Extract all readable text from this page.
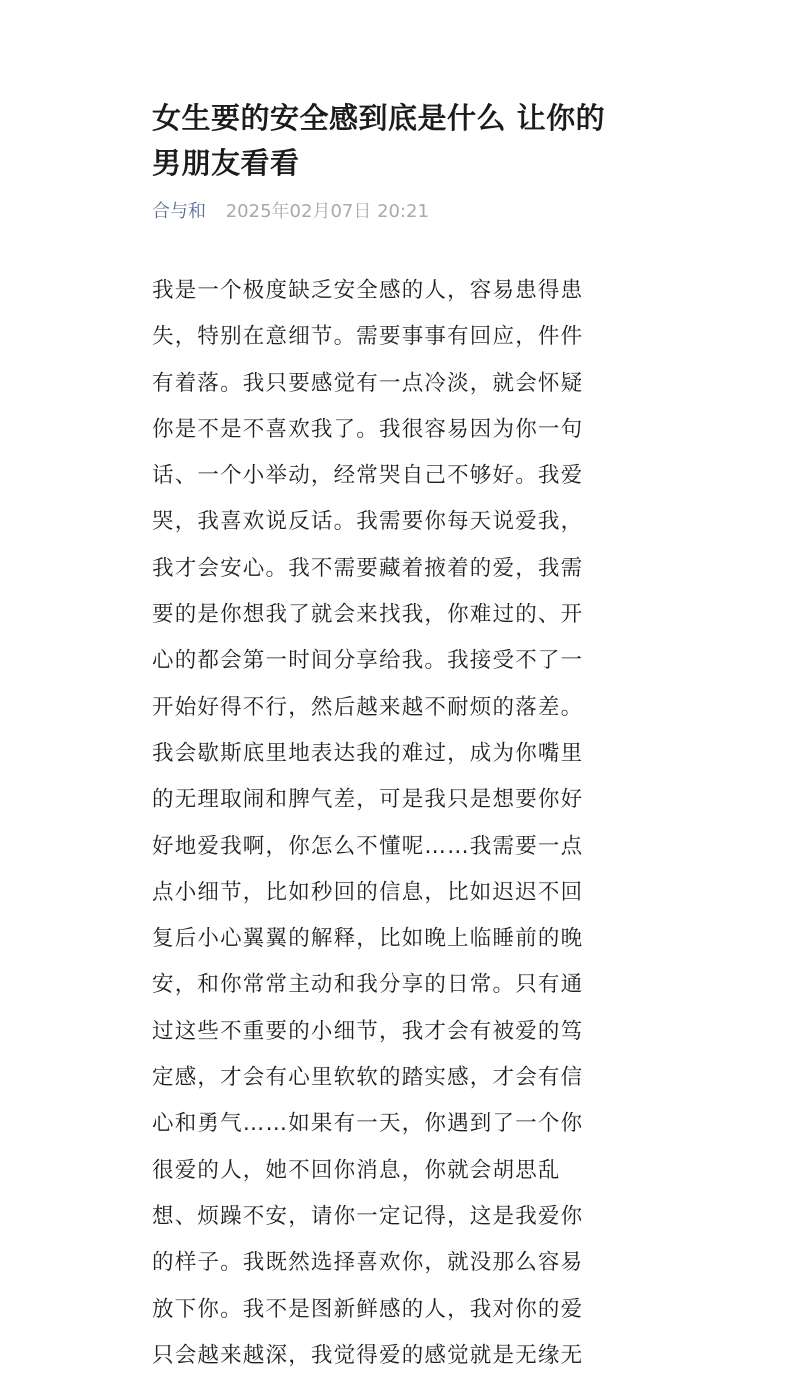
女生要的安全感到底是什么 让你的男朋友看看
合与和 2025年02月07日 20:21
我是一个极度缺乏安全感的人，容易患得患
失，特别在意细节。需要事事有回应，件件
有着落。我只要感觉有一点冷淡，就会怀疑
你是不是不喜欢我了。我很容易因为你一句
话、一个小举动，经常哭自己不够好。我爱
哭，我喜欢说反话。我需要你每天说爱我，
我才会安心。我不需要藏着掖着的爱，我需
要的是你想我了就会来找我，你难过的、开
心的都会第一时间分享给我。我接受不了一
开始好得不行，然后越来越不耐烦的落差。
我会歇斯底里地表达我的难过，成为你嘴里
的无理取闹和脾气差，可是我只是想要你好
好地爱我啊，你怎么不懂呢……我需要一点
点小细节，比如秒回的信息，比如迟迟不回
复后小心翼翼的解释，比如晚上临睡前的晚
安，和你常常主动和我分享的日常。只有通
过这些不重要的小细节，我才会有被爱的笃
定感，才会有心里软软的踏实感，才会有信
心和勇气……如果有一天，你遇到了一个你
很爱的人，她不回你消息，你就会胡思乱
想、烦躁不安，请你一定记得，这是我爱你
的样子。我既然选择喜欢你，就没那么容易
放下你。我不是图新鲜感的人，我对你的爱
只会越来越深，我觉得爱的感觉就是无缘无
